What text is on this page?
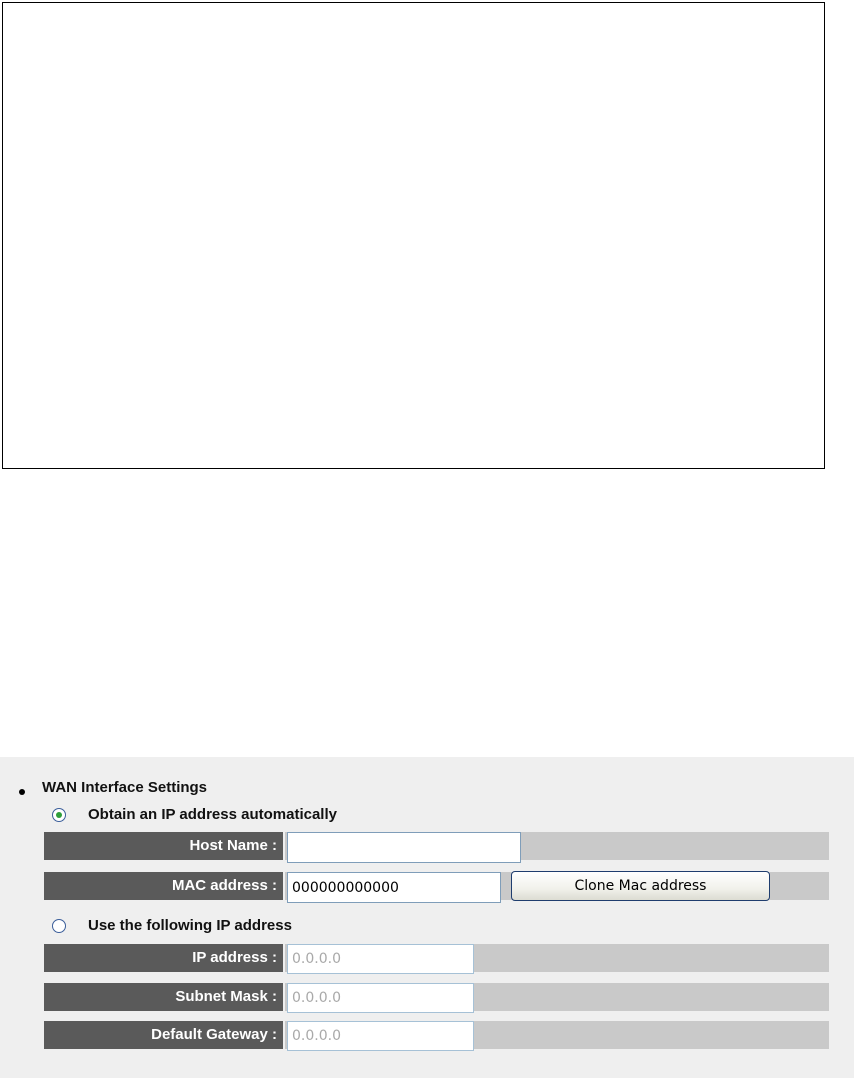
WAN Interface Settings
Obtain an IP address automatically
Host Name :
MAC address :
000000000000	Clone Mac address
Use the following IP address
IP address :
0.0.0.0
Subnet Mask :
0.0.0.0
Default Gateway :
0.0.0.0
